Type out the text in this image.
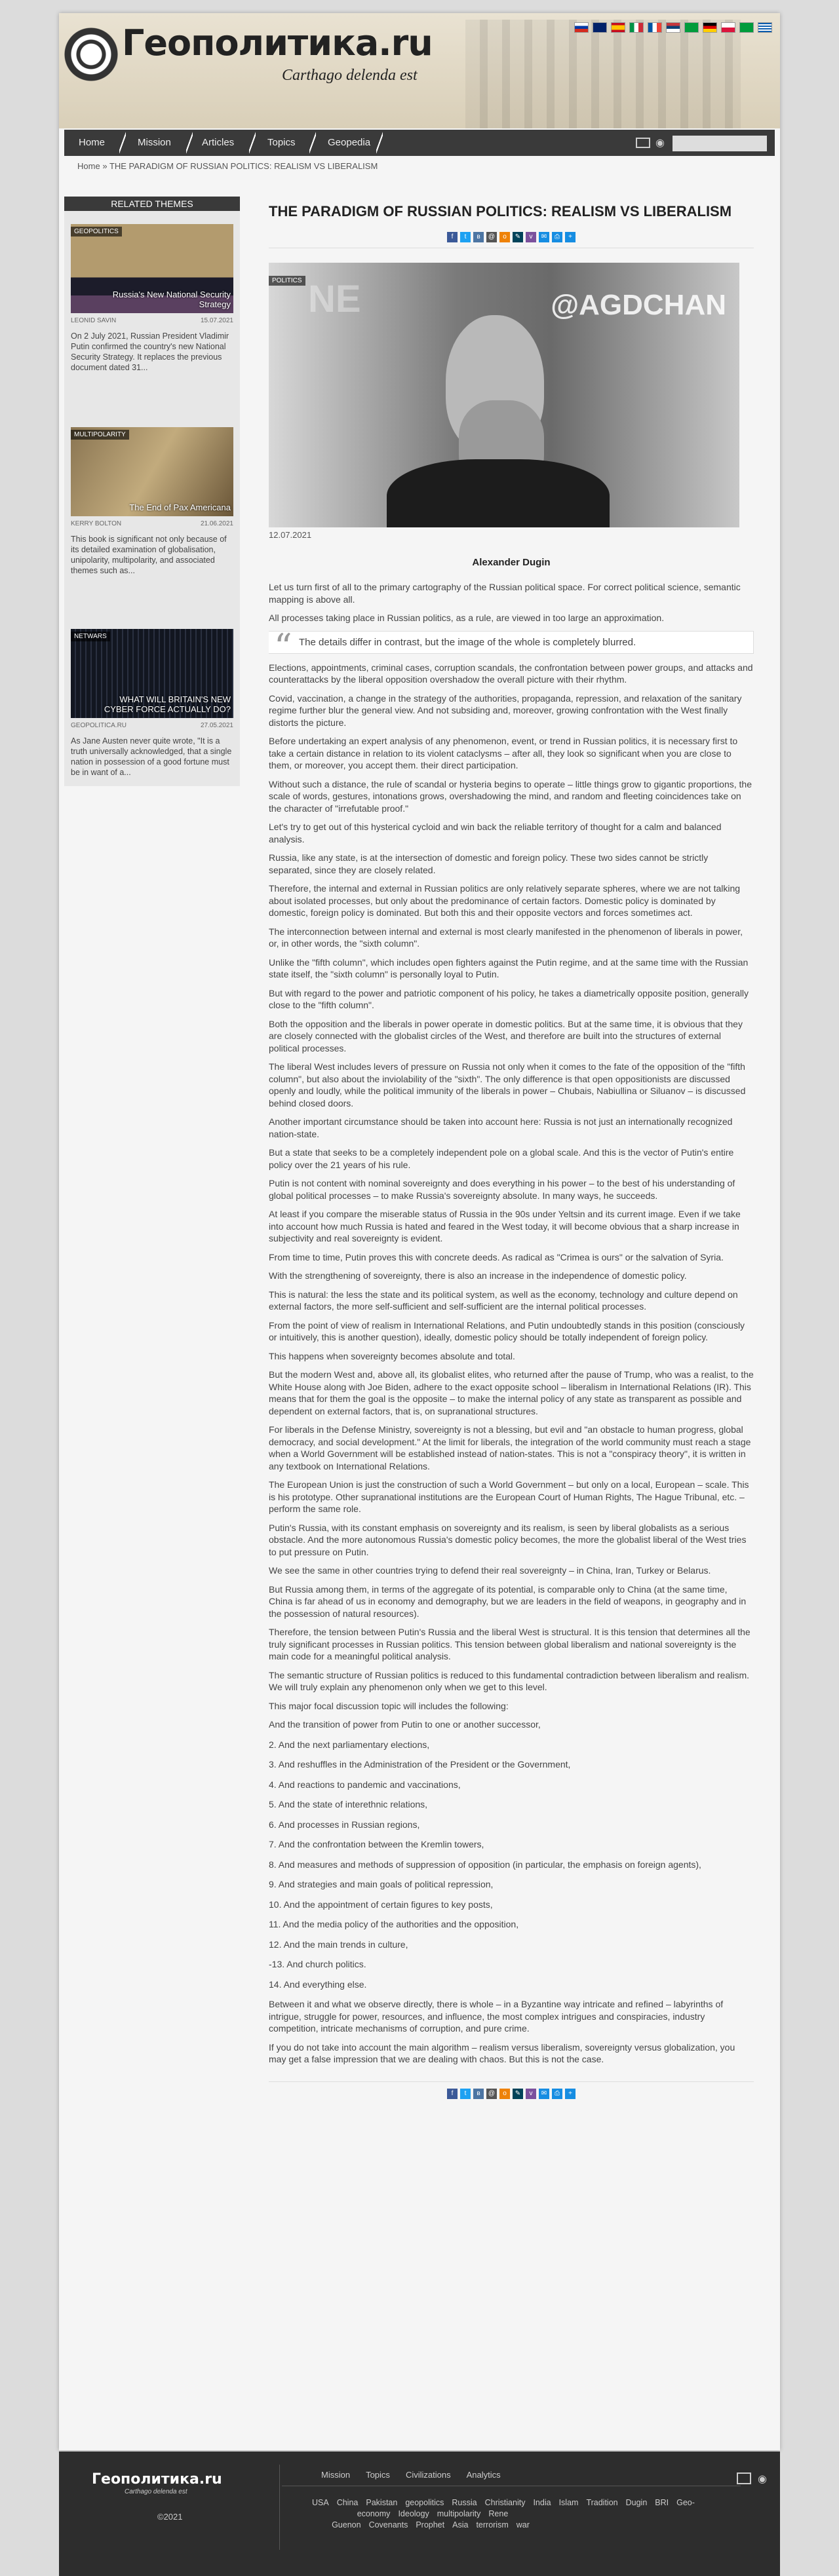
Геополитика.ru
Carthago delenda est
Home	Mission	Articles	Topics	Geopedia	◉
Home » THE PARADIGM OF RUSSIAN POLITICS: REALISM VS LIBERALISM
RELATED THEMES
GEOPOLITICS
Russia's New National Security Strategy
LEONID SAVIN	15.07.2021
On 2 July 2021, Russian President Vladimir Putin confirmed the country's new National Security Strategy. It replaces the previous document dated 31...
MULTIPOLARITY
The End of Pax Americana
KERRY BOLTON	21.06.2021
This book is significant not only because of its detailed examination of globalisation, unipolarity, multipolarity, and associated themes such as...
NETWARS
WHAT WILL BRITAIN'S NEW CYBER FORCE ACTUALLY DO?
GEOPOLITICA.RU	27.05.2021
As Jane Austen never quite wrote, "It is a truth universally acknowledged, that a single nation in possession of a good fortune must be in want of a...
THE PARADIGM OF RUSSIAN POLITICS: REALISM VS LIBERALISM
f	t	в	@	o	✎	v	✉	⎙	+
NE	@AGDCHAN
POLITICS
12.07.2021
Alexander Dugin

Let us turn first of all to the primary cartography of the Russian political space. For correct political science, semantic mapping is above all.

All processes taking place in Russian politics, as a rule, are viewed in too large an approximation.

“ The details differ in contrast, but the image of the whole is completely blurred.

Elections, appointments, criminal cases, corruption scandals, the confrontation between power groups, and attacks and counterattacks by the liberal opposition overshadow the overall picture with their rhythm.

Covid, vaccination, a change in the strategy of the authorities, propaganda, repression, and relaxation of the sanitary regime further blur the general view. And not subsiding and, moreover, growing confrontation with the West finally distorts the picture.

Before undertaking an expert analysis of any phenomenon, event, or trend in Russian politics, it is necessary first to take a certain distance in relation to its violent cataclysms – after all, they look so significant when you are close to them, or moreover, you accept them. their direct participation.

Without such a distance, the rule of scandal or hysteria begins to operate – little things grow to gigantic proportions, the scale of words, gestures, intonations grows, overshadowing the mind, and random and fleeting coincidences take on the character of "irrefutable proof."

Let's try to get out of this hysterical cycloid and win back the reliable territory of thought for a calm and balanced analysis.

Russia, like any state, is at the intersection of domestic and foreign policy. These two sides cannot be strictly separated, since they are closely related.

Therefore, the internal and external in Russian politics are only relatively separate spheres, where we are not talking about isolated processes, but only about the predominance of certain factors. Domestic policy is dominated by domestic, foreign policy is dominated. But both this and their opposite vectors and forces sometimes act.

The interconnection between internal and external is most clearly manifested in the phenomenon of liberals in power, or, in other words, the "sixth column".

Unlike the "fifth column", which includes open fighters against the Putin regime, and at the same time with the Russian state itself, the "sixth column" is personally loyal to Putin.

But with regard to the power and patriotic component of his policy, he takes a diametrically opposite position, generally close to the "fifth column".

Both the opposition and the liberals in power operate in domestic politics. But at the same time, it is obvious that they are closely connected with the globalist circles of the West, and therefore are built into the structures of external political processes.

The liberal West includes levers of pressure on Russia not only when it comes to the fate of the opposition of the "fifth column", but also about the inviolability of the "sixth". The only difference is that open oppositionists are discussed openly and loudly, while the political immunity of the liberals in power – Chubais, Nabiullina or Siluanov – is discussed behind closed doors.

Another important circumstance should be taken into account here: Russia is not just an internationally recognized nation-state.

But a state that seeks to be a completely independent pole on a global scale. And this is the vector of Putin's entire policy over the 21 years of his rule.

Putin is not content with nominal sovereignty and does everything in his power – to the best of his understanding of global political processes – to make Russia's sovereignty absolute. In many ways, he succeeds.

At least if you compare the miserable status of Russia in the 90s under Yeltsin and its current image. Even if we take into account how much Russia is hated and feared in the West today, it will become obvious that a sharp increase in subjectivity and real sovereignty is evident.

From time to time, Putin proves this with concrete deeds. As radical as "Crimea is ours" or the salvation of Syria.

With the strengthening of sovereignty, there is also an increase in the independence of domestic policy.

This is natural: the less the state and its political system, as well as the economy, technology and culture depend on external factors, the more self-sufficient and self-sufficient are the internal political processes.

From the point of view of realism in International Relations, and Putin undoubtedly stands in this position (consciously or intuitively, this is another question), ideally, domestic policy should be totally independent of foreign policy.

This happens when sovereignty becomes absolute and total.

But the modern West and, above all, its globalist elites, who returned after the pause of Trump, who was a realist, to the White House along with Joe Biden, adhere to the exact opposite school – liberalism in International Relations (IR). This means that for them the goal is the opposite – to make the internal policy of any state as transparent as possible and dependent on external factors, that is, on supranational structures.

For liberals in the Defense Ministry, sovereignty is not a blessing, but evil and "an obstacle to human progress, global democracy, and social development." At the limit for liberals, the integration of the world community must reach a stage when a World Government will be established instead of nation-states. This is not a "conspiracy theory", it is written in any textbook on International Relations.

The European Union is just the construction of such a World Government – but only on a local, European – scale. This is his prototype. Other supranational institutions are the European Court of Human Rights, The Hague Tribunal, etc. – perform the same role.

Putin's Russia, with its constant emphasis on sovereignty and its realism, is seen by liberal globalists as a serious obstacle. And the more autonomous Russia's domestic policy becomes, the more the globalist liberal of the West tries to put pressure on Putin.

We see the same in other countries trying to defend their real sovereignty – in China, Iran, Turkey or Belarus.

But Russia among them, in terms of the aggregate of its potential, is comparable only to China (at the same time, China is far ahead of us in economy and demography, but we are leaders in the field of weapons, in geography and in the possession of natural resources).

Therefore, the tension between Putin's Russia and the liberal West is structural. It is this tension that determines all the truly significant processes in Russian politics. This tension between global liberalism and national sovereignty is the main code for a meaningful political analysis.

The semantic structure of Russian politics is reduced to this fundamental contradiction between liberalism and realism. We will truly explain any phenomenon only when we get to this level.

This major focal discussion topic will includes the following:

And the transition of power from Putin to one or another successor,

2. And the next parliamentary elections,

3. And reshuffles in the Administration of the President or the Government,

4. And reactions to pandemic and vaccinations,

5. And the state of interethnic relations,

6. And processes in Russian regions,

7. And the confrontation between the Kremlin towers,

8. And measures and methods of suppression of opposition (in particular, the emphasis on foreign agents),

9. And strategies and main goals of political repression,

10. And the appointment of certain figures to key posts,

11. And the media policy of the authorities and the opposition,

12. And the main trends in culture,

-13. And church politics.

14. And everything else.

Between it and what we observe directly, there is whole – in a Byzantine way intricate and refined – labyrinths of intrigue, struggle for power, resources, and influence, the most complex intrigues and conspiracies, industry competition, intricate mechanisms of corruption, and pure crime.

If you do not take into account the main algorithm – realism versus liberalism, sovereignty versus globalization, you may get a false impression that we are dealing with chaos. But this is not the case.

f	t	в	@	o	✎	v	✉	⎙	+
Геополитика.ru
Carthago delenda est
©2021
Mission Topics Civilizations Analytics
USA China Pakistan geopolitics Russia Christianity India Islam Tradition Dugin BRI Geo-economy Ideology multipolarity Rene Guenon Covenants Prophet Asia terrorism war
◉
